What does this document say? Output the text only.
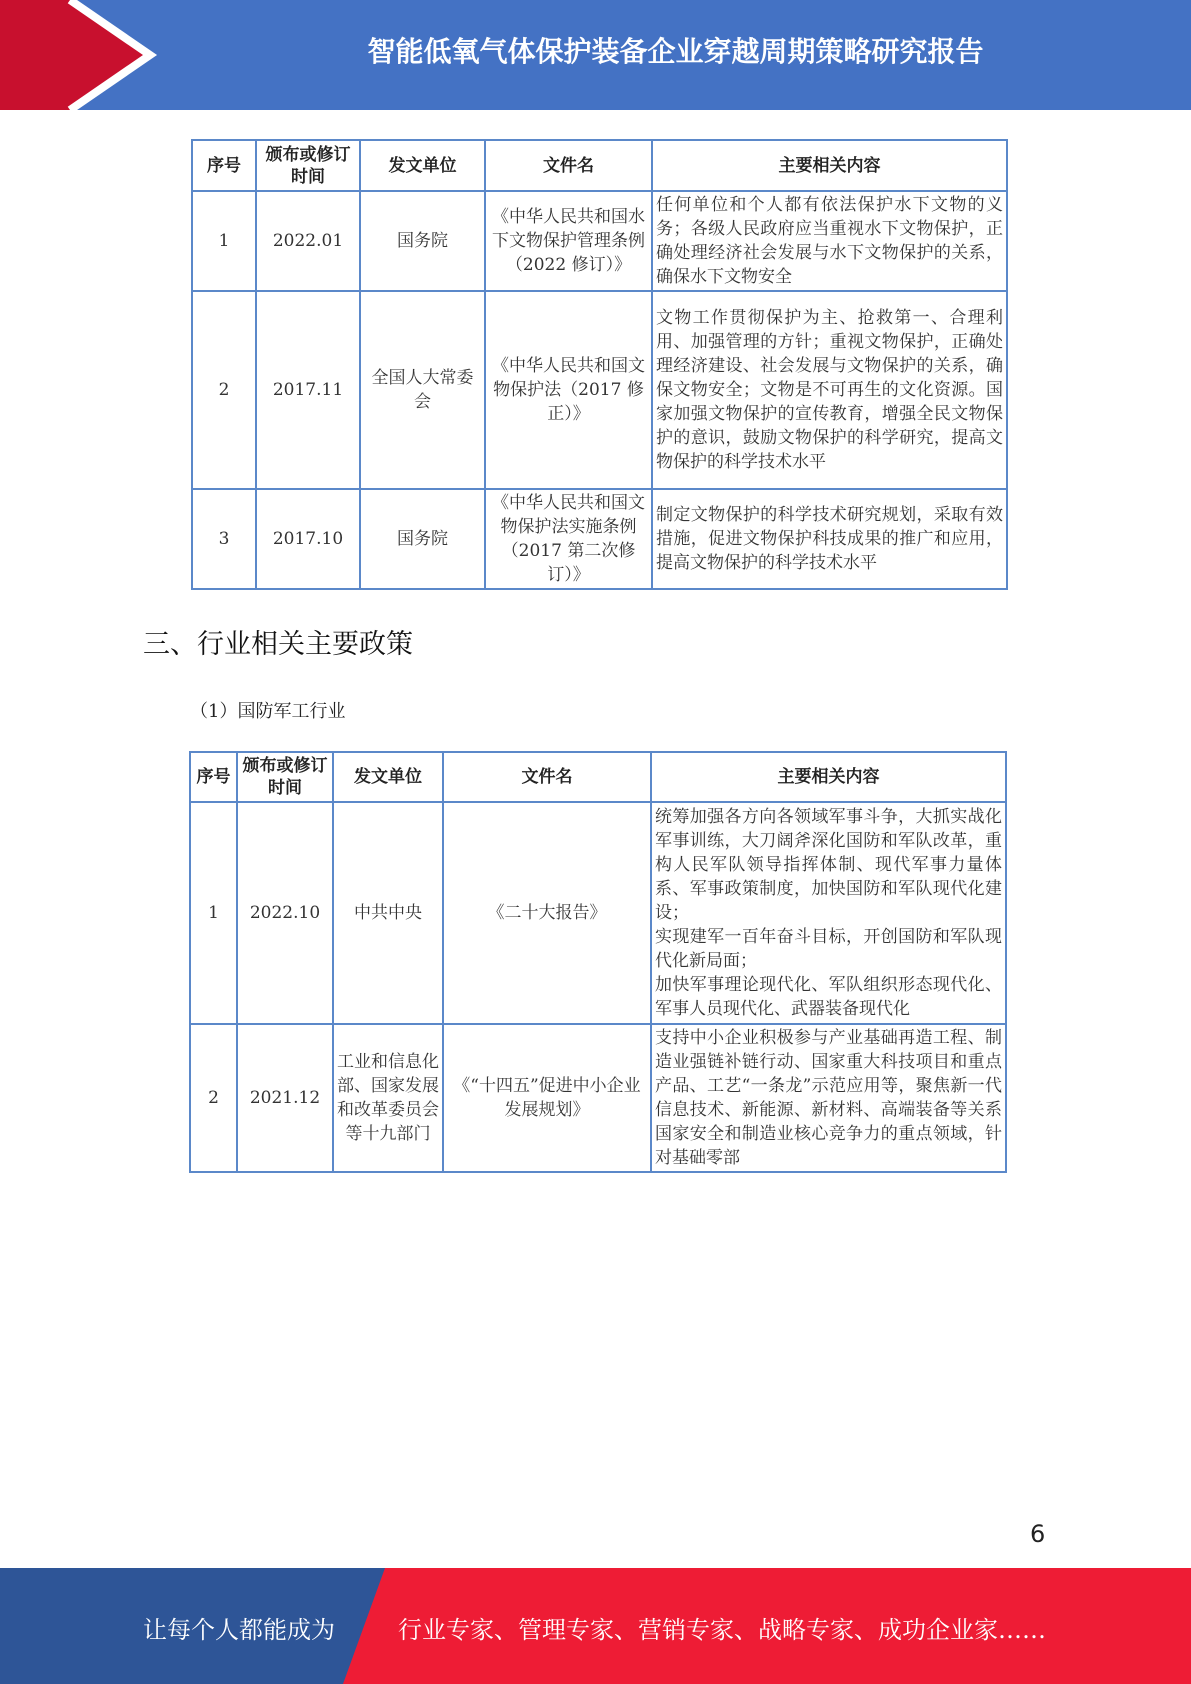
智能低氧气体保护装备企业穿越周期策略研究报告
序号	颁布或修订时间	发文单位	文件名	主要相关内容
1	2022.01	国务院	《中华人民共和国水下文物保护管理条例（2022 修订）》	任何单位和个人都有依法保护水下文物的义务；各级人民政府应当重视水下文物保护，正确处理经济社会发展与水下文物保护的关系，确保水下文物安全
2	2017.11	全国人大常委会	《中华人民共和国文物保护法（2017 修正）》	文物工作贯彻保护为主、抢救第一、合理利用、加强管理的方针；重视文物保护，正确处理经济建设、社会发展与文物保护的关系，确保文物安全；文物是不可再生的文化资源。国家加强文物保护的宣传教育，增强全民文物保护的意识，鼓励文物保护的科学研究，提高文物保护的科学技术水平
3	2017.10	国务院	《中华人民共和国文物保护法实施条例（2017 第二次修订）》	制定文物保护的科学技术研究规划，采取有效措施，促进文物保护科技成果的推广和应用，提高文物保护的科学技术水平
三、行业相关主要政策
（1）国防军工行业
序号	颁布或修订时间	发文单位	文件名	主要相关内容
1	2022.10	中共中央	《二十大报告》	统筹加强各方向各领域军事斗争，大抓实战化军事训练，大刀阔斧深化国防和军队改革，重构人民军队领导指挥体制、现代军事力量体系、军事政策制度，加快国防和军队现代化建设；
实现建军一百年奋斗目标，开创国防和军队现代化新局面；
加快军事理论现代化、军队组织形态现代化、军事人员现代化、武器装备现代化
2	2021.12	工业和信息化部、国家发展和改革委员会等十九部门	《“十四五”促进中小企业发展规划》	支持中小企业积极参与产业基础再造工程、制造业强链补链行动、国家重大科技项目和重点产品、工艺“一条龙”示范应用等，聚焦新一代信息技术、新能源、新材料、高端装备等关系国家安全和制造业核心竞争力的重点领域，针对基础零部
6
让每个人都能成为	行业专家、管理专家、营销专家、战略专家、成功企业家……
